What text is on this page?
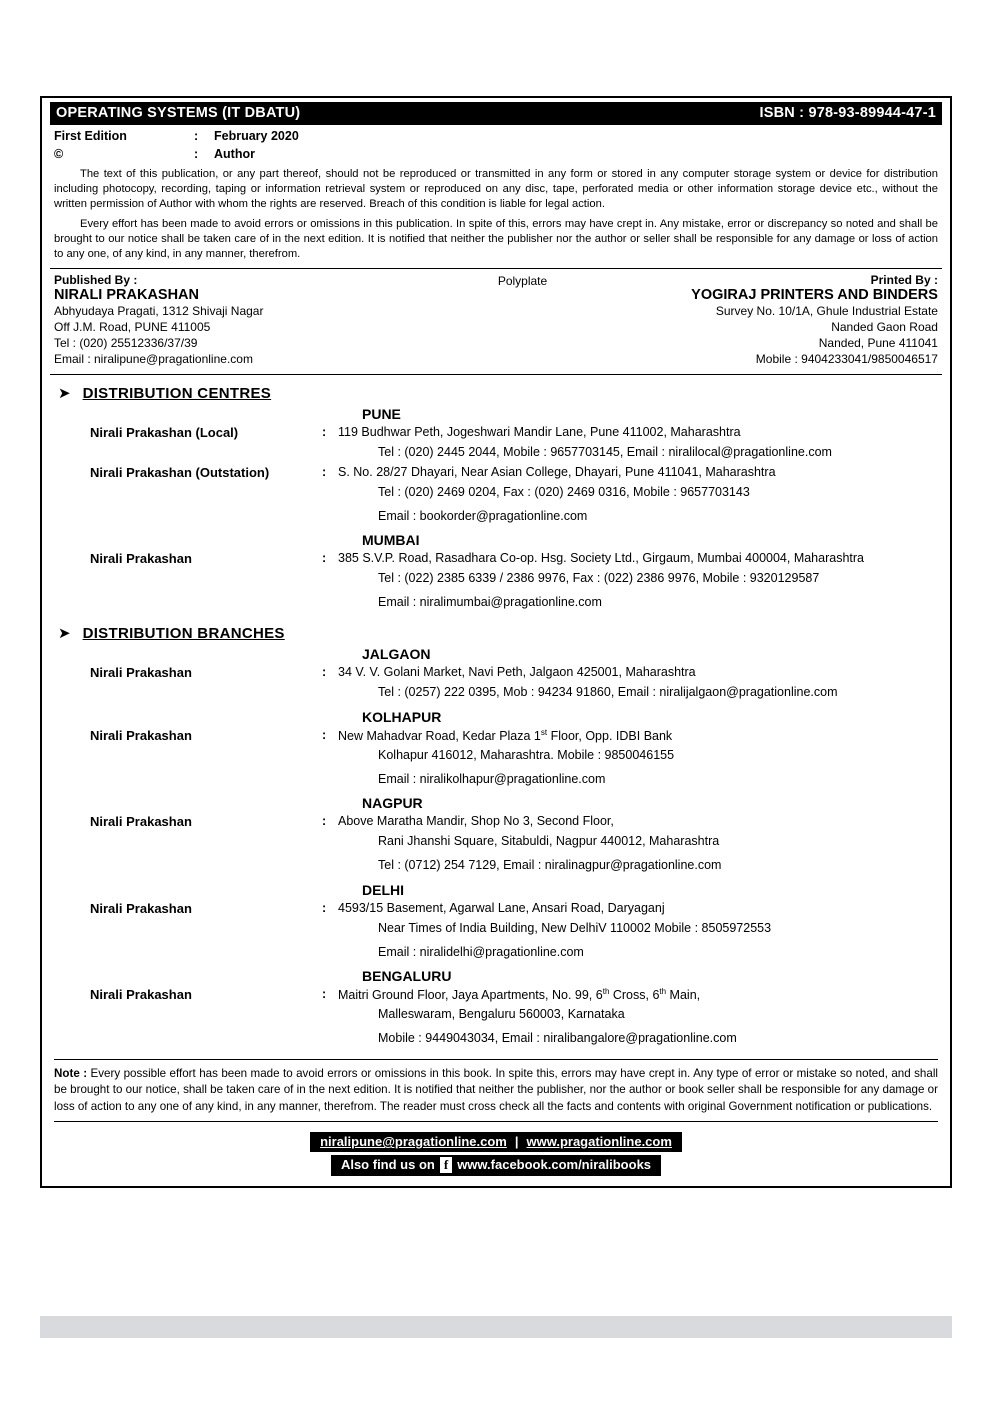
OPERATING SYSTEMS (IT DBATU)	ISBN : 978-93-89944-47-1
First Edition	:	February 2020
©	:	Author

The text of this publication, or any part thereof, should not be reproduced or transmitted in any form or stored in any computer storage system or device for distribution including photocopy, recording, taping or information retrieval system or reproduced on any disc, tape, perforated media or other information storage device etc., without the written permission of Author with whom the rights are reserved. Breach of this condition is liable for legal action.

Every effort has been made to avoid errors or omissions in this publication. In spite of this, errors may have crept in. Any mistake, error or discrepancy so noted and shall be brought to our notice shall be taken care of in the next edition. It is notified that neither the publisher nor the author or seller shall be responsible for any damage or loss of action to any one, of any kind, in any manner, therefrom.

Published By :
NIRALI PRAKASHAN
Abhyudaya Pragati, 1312 Shivaji Nagar
Off J.M. Road, PUNE 411005
Tel : (020) 25512336/37/39
Email : niralipune@pragationline.com
Polyplate	Printed By :
YOGIRAJ PRINTERS AND BINDERS
Survey No. 10/1A, Ghule Industrial Estate
Nanded Gaon Road
Nanded, Pune 411041
Mobile : 9404233041/9850046517
➤ DISTRIBUTION CENTRES
PUNE
Nirali Prakashan (Local)	: 119 Budhwar Peth, Jogeshwari Mandir Lane, Pune 411002, Maharashtra
Tel : (020) 2445 2044, Mobile : 9657703145, Email : niralilocal@pragationline.com
Nirali Prakashan (Outstation)	: S. No. 28/27 Dhayari, Near Asian College, Dhayari, Pune 411041, Maharashtra
Tel : (020) 2469 0204, Fax : (020) 2469 0316, Mobile : 9657703143
Email : bookorder@pragationline.com
MUMBAI
Nirali Prakashan	: 385 S.V.P. Road, Rasadhara Co-op. Hsg. Society Ltd., Girgaum, Mumbai 400004, Maharashtra
Tel : (022) 2385 6339 / 2386 9976, Fax : (022) 2386 9976, Mobile : 9320129587
Email : niralimumbai@pragationline.com
➤ DISTRIBUTION BRANCHES
JALGAON
Nirali Prakashan	: 34 V. V. Golani Market, Navi Peth, Jalgaon 425001, Maharashtra
Tel : (0257) 222 0395, Mob : 94234 91860, Email : niralijalgaon@pragationline.com
KOLHAPUR
Nirali Prakashan	: New Mahadvar Road, Kedar Plaza 1st Floor, Opp. IDBI Bank
Kolhapur 416012, Maharashtra. Mobile : 9850046155
Email : niralikolhapur@pragationline.com
NAGPUR
Nirali Prakashan	: Above Maratha Mandir, Shop No 3, Second Floor,
Rani Jhanshi Square, Sitabuldi, Nagpur 440012, Maharashtra
Tel : (0712) 254 7129, Email : niralinagpur@pragationline.com
DELHI
Nirali Prakashan	: 4593/15 Basement, Agarwal Lane, Ansari Road, Daryaganj
Near Times of India Building, New DelhiV 110002 Mobile : 8505972553
Email : niralidelhi@pragationline.com
BENGALURU
Nirali Prakashan	: Maitri Ground Floor, Jaya Apartments, No. 99, 6th Cross, 6th Main,
Malleswaram, Bengaluru 560003, Karnataka
Mobile : 9449043034, Email : niralibangalore@pragationline.com
Note : Every possible effort has been made to avoid errors or omissions in this book. In spite this, errors may have crept in. Any type of error or mistake so noted, and shall be brought to our notice, shall be taken care of in the next edition. It is notified that neither the publisher, nor the author or book seller shall be responsible for any damage or loss of action to any one of any kind, in any manner, therefrom. The reader must cross check all the facts and contents with original Government notification or publications.
niralipune@pragationline.com | www.pragationline.com
Also find us on f www.facebook.com/niralibooks
